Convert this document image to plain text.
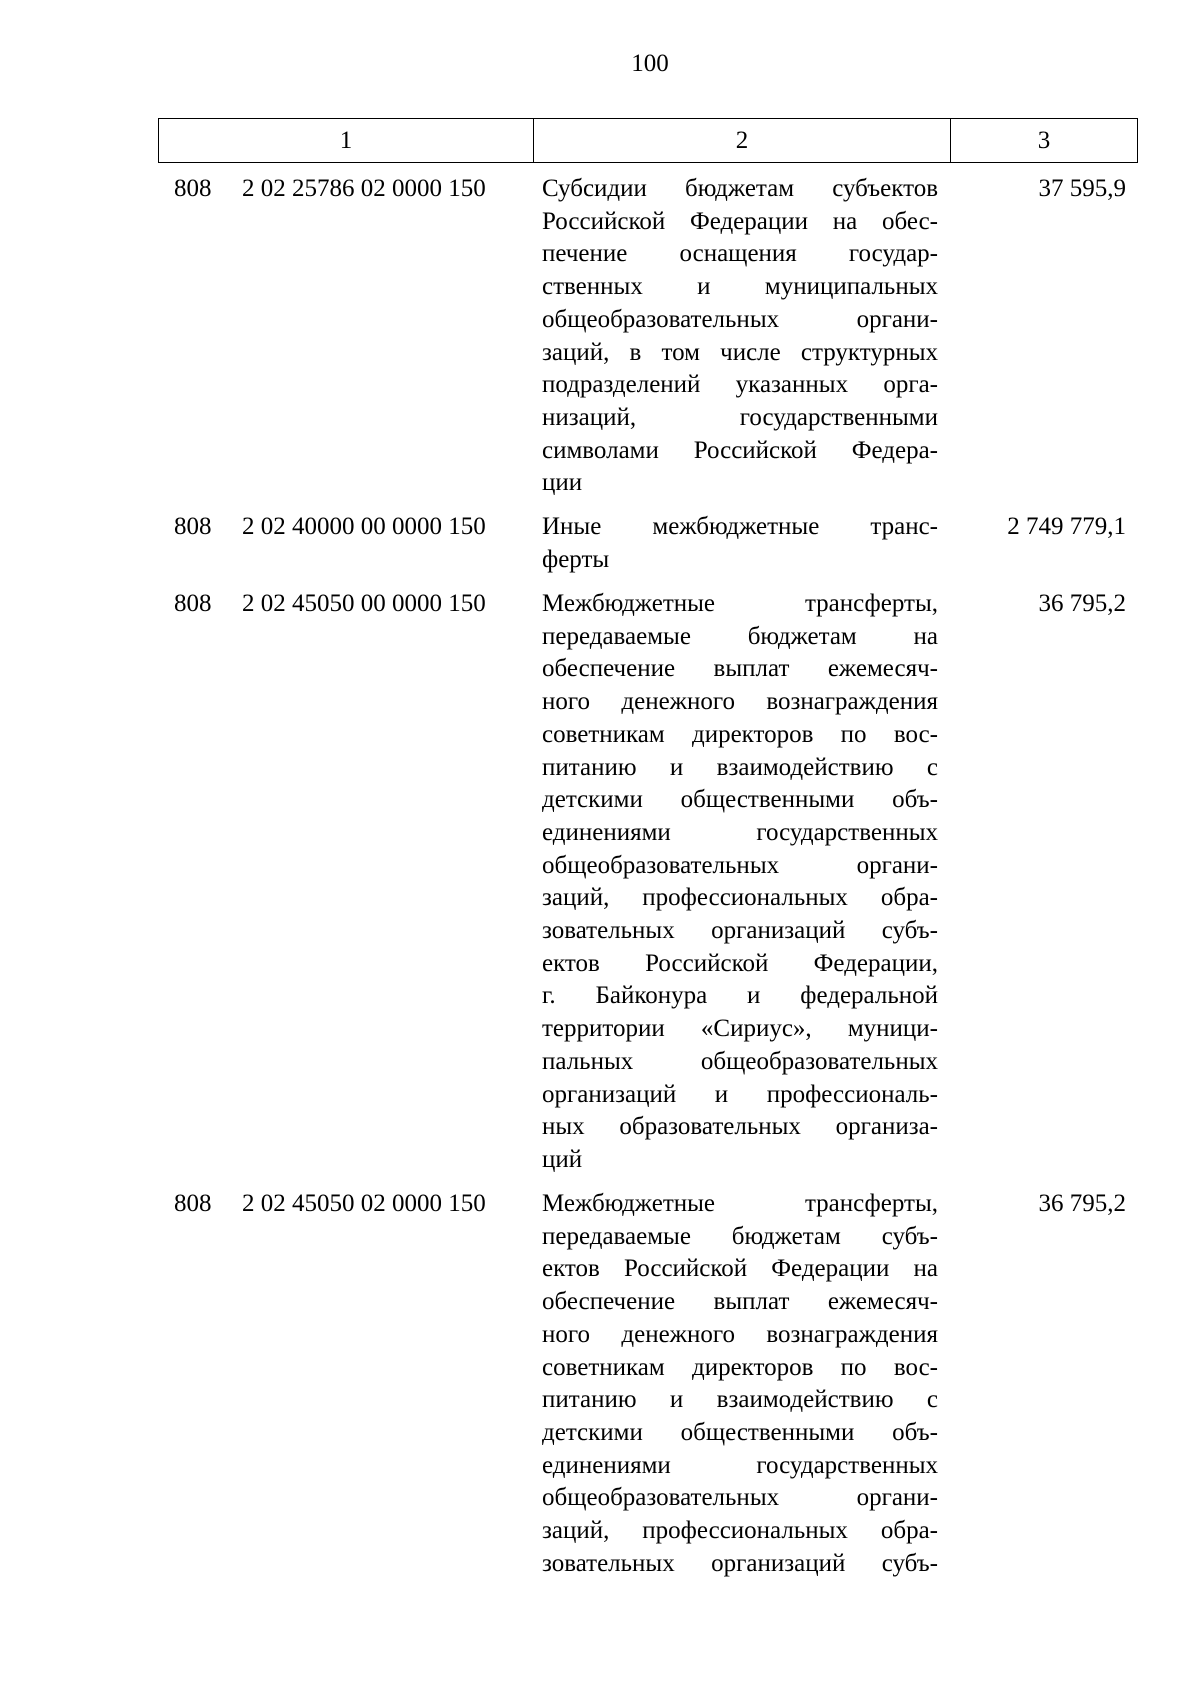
100
1	2	3
808 2 02 25786 02 0000 150 Субсидии бюджетам субъектов
Российской Федерации на обес-
печение оснащения государ-
ственных и муниципальных
общеобразовательных органи-
заций, в том числе структурных
подразделений указанных орга-
низаций, государственными
символами Российской Федера-
ции
37 595,9
808 2 02 40000 00 0000 150 Иные межбюджетные транс-
ферты
2 749 779,1
808 2 02 45050 00 0000 150 Межбюджетные трансферты,
передаваемые бюджетам на
обеспечение выплат ежемесяч-
ного денежного вознаграждения
советникам директоров по вос-
питанию и взаимодействию с
детскими общественными объ-
единениями государственных
общеобразовательных органи-
заций, профессиональных обра-
зовательных организаций субъ-
ектов Российской Федерации,
г. Байконура и федеральной
территории «Сириус», муници-
пальных общеобразовательных
организаций и профессиональ-
ных образовательных организа-
ций
36 795,2
808 2 02 45050 02 0000 150 Межбюджетные трансферты,
передаваемые бюджетам субъ-
ектов Российской Федерации на
обеспечение выплат ежемесяч-
ного денежного вознаграждения
советникам директоров по вос-
питанию и взаимодействию с
детскими общественными объ-
единениями государственных
общеобразовательных органи-
заций, профессиональных обра-
зовательных организаций субъ-
36 795,2
